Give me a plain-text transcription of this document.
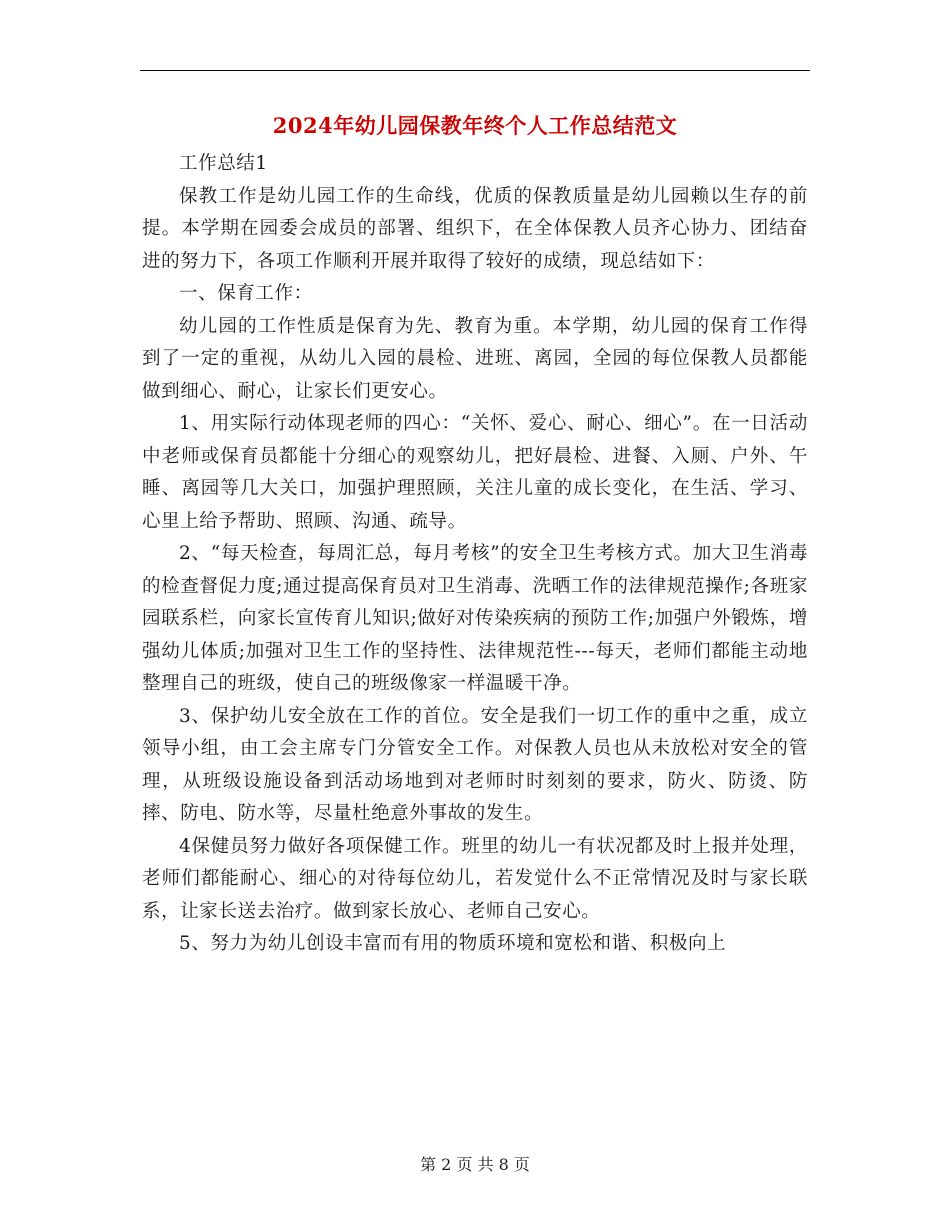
2024年幼儿园保教年终个人工作总结范文

工作总结1

保教工作是幼儿园工作的生命线，优质的保教质量是幼儿园赖以生存的前提。本学期在园委会成员的部署、组织下，在全体保教人员齐心协力、团结奋进的努力下，各项工作顺利开展并取得了较好的成绩，现总结如下：

一、保育工作：

幼儿园的工作性质是保育为先、教育为重。本学期，幼儿园的保育工作得到了一定的重视，从幼儿入园的晨检、进班、离园，全园的每位保教人员都能做到细心、耐心，让家长们更安心。

1、用实际行动体现老师的四心：“关怀、爱心、耐心、细心”。在一日活动中老师或保育员都能十分细心的观察幼儿，把好晨检、进餐、入厕、户外、午睡、离园等几大关口，加强护理照顾，关注儿童的成长变化，在生活、学习、心里上给予帮助、照顾、沟通、疏导。

2、“每天检查，每周汇总，每月考核”的安全卫生考核方式。加大卫生消毒的检查督促力度;通过提高保育员对卫生消毒、洗晒工作的法律规范操作;各班家园联系栏，向家长宣传育儿知识;做好对传染疾病的预防工作;加强户外锻炼，增强幼儿体质;加强对卫生工作的坚持性、法律规范性---每天，老师们都能主动地整理自己的班级，使自己的班级像家一样温暖干净。

3、保护幼儿安全放在工作的首位。安全是我们一切工作的重中之重，成立领导小组，由工会主席专门分管安全工作。对保教人员也从未放松对安全的管理，从班级设施设备到活动场地到对老师时时刻刻的要求，防火、防烫、防摔、防电、防水等，尽量杜绝意外事故的发生。

4保健员努力做好各项保健工作。班里的幼儿一有状况都及时上报并处理，老师们都能耐心、细心的对待每位幼儿，若发觉什么不正常情况及时与家长联系，让家长送去治疗。做到家长放心、老师自己安心。

5、努力为幼儿创设丰富而有用的物质环境和宽松和谐、积极向上

第 2 页 共 8 页
